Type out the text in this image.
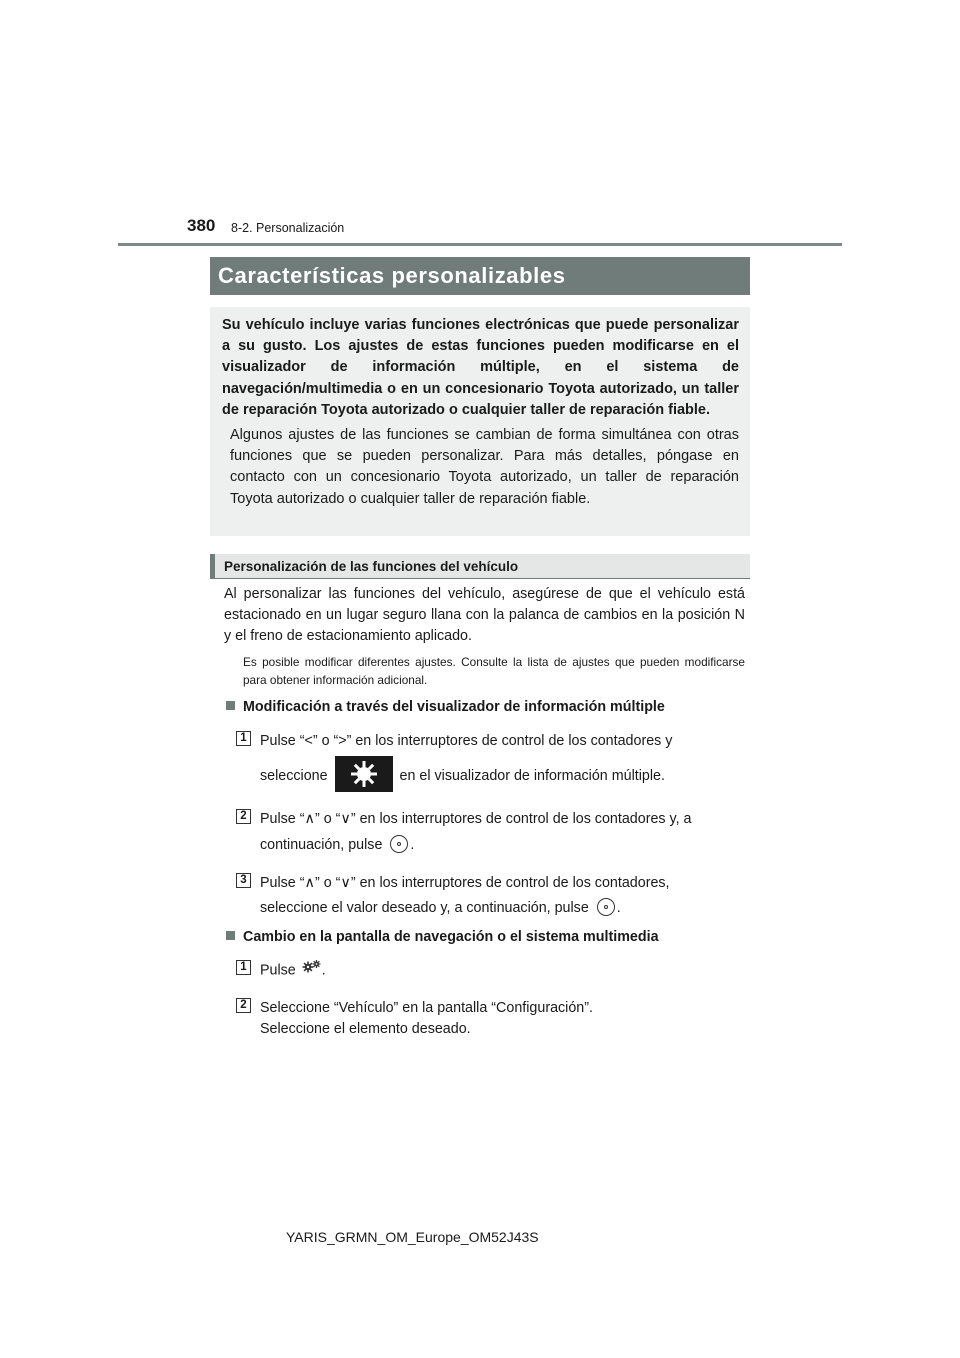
380 8-2. Personalización
Características personalizables

Su vehículo incluye varias funciones electrónicas que puede personalizar a su gusto. Los ajustes de estas funciones pueden modificarse en el visualizador de información múltiple, en el sistema de navegación/multimedia o en un concesionario Toyota autorizado, un taller de reparación Toyota autorizado o cualquier taller de reparación fiable.

Algunos ajustes de las funciones se cambian de forma simultánea con otras funciones que se pueden personalizar. Para más detalles, póngase en contacto con un concesionario Toyota autorizado, un taller de reparación Toyota autorizado o cualquier taller de reparación fiable.

Personalización de las funciones del vehículo

Al personalizar las funciones del vehículo, asegúrese de que el vehículo está estacionado en un lugar seguro llana con la palanca de cambios en la posición N y el freno de estacionamiento aplicado.

Es posible modificar diferentes ajustes. Consulte la lista de ajustes que pueden modificarse para obtener información adicional.

Modificación a través del visualizador de información múltiple
1 Pulse “<” o “>” en los interruptores de control de los contadores y

seleccione	en el visualizador de información múltiple.

2 Pulse “∧” o “∨” en los interruptores de control de los contadores y, a

continuación, pulse .

3 Pulse “∧” o “∨” en los interruptores de control de los contadores,

seleccione el valor deseado y, a continuación, pulse .

Cambio en la pantalla de navegación o el sistema multimedia
1 Pulse .

2 Seleccione “Vehículo” en la pantalla “Configuración”.

Seleccione el elemento deseado.

YARIS_GRMN_OM_Europe_OM52J43S
